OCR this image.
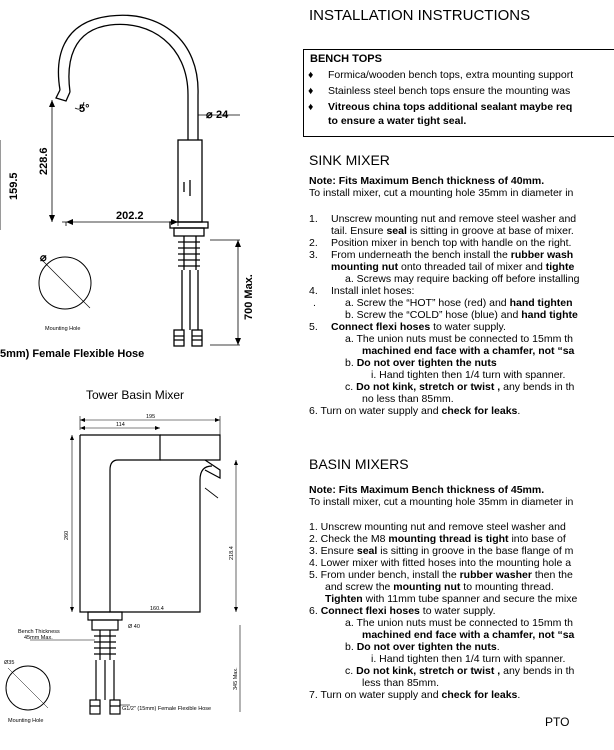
⌀
159.5
228.6
202.2
24
⌀
5°
700 Max.
Mounting Hole
5mm) Female Flexible Hose
Tower Basin Mixer
195
114
260
218.4
160.4
Ø 40
345 Max.
Ø35
Bench Thickness
45mm Max.
G1/2" (15mm) Female Flexible Hose
Mounting Hole
INSTALLATION INSTRUCTIONS
BENCH TOPS
♦ Formica/wooden bench tops, extra mounting support
♦ Stainless steel bench tops ensure the mounting was
♦ Vitreous china tops additional sealant maybe req
to ensure a water tight seal.
SINK MIXER
Note: Fits Maximum Bench thickness of 40mm.
To install mixer, cut a mounting hole 35mm in diameter in
1. Unscrew mounting nut and remove steel washer and
tail. Ensure seal is sitting in groove at base of mixer.
2. Position mixer in bench top with handle on the right.
3. From underneath the bench install the rubber wash
mounting nut onto threaded tail of mixer and tighte
a. Screws may require backing off before installing
4. Install inlet hoses:
.	a. Screw the “HOT” hose (red) and hand tighten
b. Screw the “COLD” hose (blue) and hand tighte
5. Connect flexi hoses to water supply.
a. The union nuts must be connected to 15mm th
machined end face with a chamfer, not “sa
b. Do not over tighten the nuts
i. Hand tighten then 1/4 turn with spanner.
c. Do not kink, stretch or twist , any bends in th
no less than 85mm.
6. Turn on water supply and check for leaks.
BASIN MIXERS
Note: Fits Maximum Bench thickness of 45mm.
To install mixer, cut a mounting hole 35mm in diameter in
1. Unscrew mounting nut and remove steel washer and
2. Check the M8 mounting thread is tight into base of
3. Ensure seal is sitting in groove in the base flange of m
4. Lower mixer with fitted hoses into the mounting hole a
5. From under bench, install the rubber washer then the
and screw the mounting nut to mounting thread.
Tighten with 11mm tube spanner and secure the mixe
6. Connect flexi hoses to water supply.
a. The union nuts must be connected to 15mm th
machined end face with a chamfer, not “sa
b. Do not over tighten the nuts.
i. Hand tighten then 1/4 turn with spanner.
c. Do not kink, stretch or twist , any bends in th
less than 85mm.
7. Turn on water supply and check for leaks.
PTO
